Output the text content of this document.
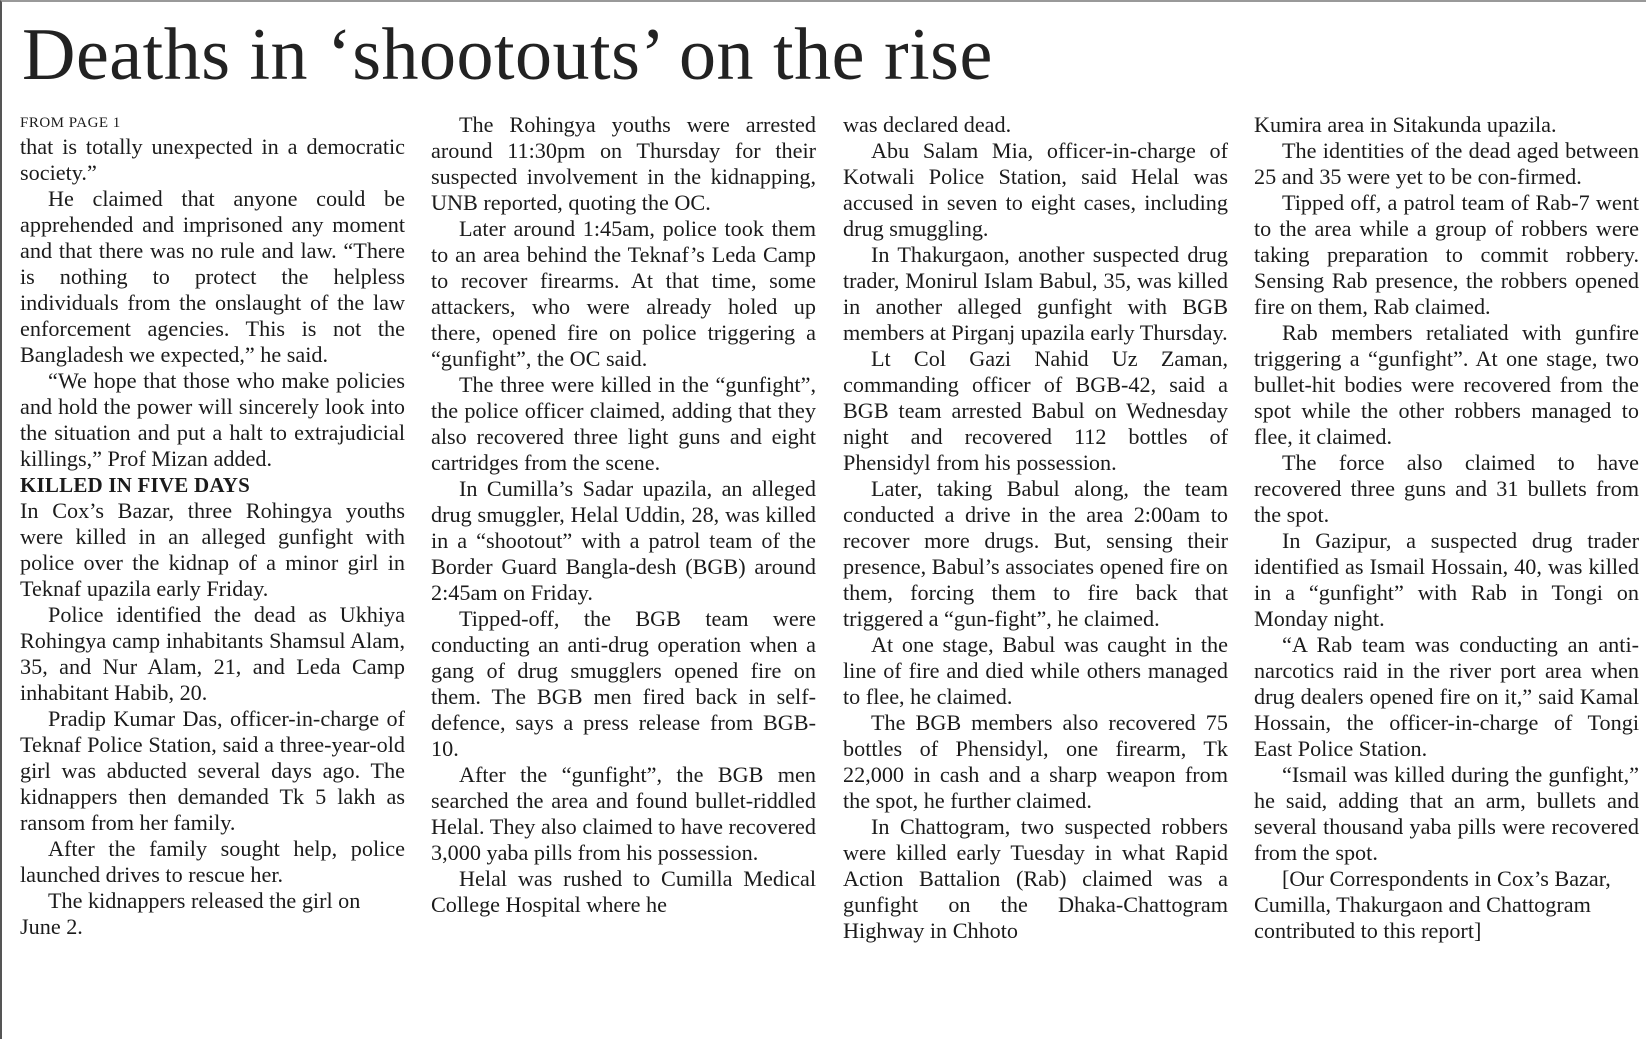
Deaths in ‘shootouts’ on the rise
FROM PAGE 1

that is totally unexpected in a democratic society.”

He claimed that anyone could be apprehended and imprisoned any moment and that there was no rule and law. “There is nothing to protect the helpless individuals from the onslaught of the law enforcement agencies. This is not the Bangladesh we expected,” he said.

“We hope that those who make policies and hold the power will sincerely look into the situation and put a halt to extrajudicial killings,” Prof Mizan added.

KILLED IN FIVE DAYS

In Cox’s Bazar, three Rohingya youths were killed in an alleged gunfight with police over the kidnap of a minor girl in Teknaf upazila early Friday.

Police identified the dead as Ukhiya Rohingya camp inhabitants Shamsul Alam, 35, and Nur Alam, 21, and Leda Camp inhabitant Habib, 20.

Pradip Kumar Das, officer-in-charge of Teknaf Police Station, said a three-year-old girl was abducted several days ago. The kidnappers then demanded Tk 5 lakh as ransom from her family.

After the family sought help, police launched drives to rescue her.

The kidnappers released the girl on June 2.

The Rohingya youths were arrested around 11:30pm on Thursday for their suspected involvement in the kidnapping, UNB reported, quoting the OC.

Later around 1:45am, police took them to an area behind the Teknaf’s Leda Camp to recover firearms. At that time, some attackers, who were already holed up there, opened fire on police triggering a “gunfight”, the OC said.

The three were killed in the “gunfight”, the police officer claimed, adding that they also recovered three light guns and eight cartridges from the scene.

In Cumilla’s Sadar upazila, an alleged drug smuggler, Helal Uddin, 28, was killed in a “shootout” with a patrol team of the Border Guard Bangla-desh (BGB) around 2:45am on Friday.

Tipped-off, the BGB team were conducting an anti-drug operation when a gang of drug smugglers opened fire on them. The BGB men fired back in self-defence, says a press release from BGB-10.

After the “gunfight”, the BGB men searched the area and found bullet-riddled Helal. They also claimed to have recovered 3,000 yaba pills from his possession.

Helal was rushed to Cumilla Medical College Hospital where he

was declared dead.

Abu Salam Mia, officer-in-charge of Kotwali Police Station, said Helal was accused in seven to eight cases, including drug smuggling.

In Thakurgaon, another suspected drug trader, Monirul Islam Babul, 35, was killed in another alleged gunfight with BGB members at Pirganj upazila early Thursday.

Lt Col Gazi Nahid Uz Zaman, commanding officer of BGB-42, said a BGB team arrested Babul on Wednesday night and recovered 112 bottles of Phensidyl from his possession.

Later, taking Babul along, the team conducted a drive in the area 2:00am to recover more drugs. But, sensing their presence, Babul’s associates opened fire on them, forcing them to fire back that triggered a “gun-fight”, he claimed.

At one stage, Babul was caught in the line of fire and died while others managed to flee, he claimed.

The BGB members also recovered 75 bottles of Phensidyl, one firearm, Tk 22,000 in cash and a sharp weapon from the spot, he further claimed.

In Chattogram, two suspected robbers were killed early Tuesday in what Rapid Action Battalion (Rab) claimed was a gunfight on the Dhaka-Chattogram Highway in Chhoto

Kumira area in Sitakunda upazila.

The identities of the dead aged between 25 and 35 were yet to be con-firmed.

Tipped off, a patrol team of Rab-7 went to the area while a group of robbers were taking preparation to commit robbery. Sensing Rab presence, the robbers opened fire on them, Rab claimed.

Rab members retaliated with gunfire triggering a “gunfight”. At one stage, two bullet-hit bodies were recovered from the spot while the other robbers managed to flee, it claimed.

The force also claimed to have recovered three guns and 31 bullets from the spot.

In Gazipur, a suspected drug trader identified as Ismail Hossain, 40, was killed in a “gunfight” with Rab in Tongi on Monday night.

“A Rab team was conducting an anti-narcotics raid in the river port area when drug dealers opened fire on it,” said Kamal Hossain, the officer-in-charge of Tongi East Police Station.

“Ismail was killed during the gunfight,” he said, adding that an arm, bullets and several thousand yaba pills were recovered from the spot.

[Our Correspondents in Cox’s Bazar, Cumilla, Thakurgaon and Chattogram contributed to this report]
